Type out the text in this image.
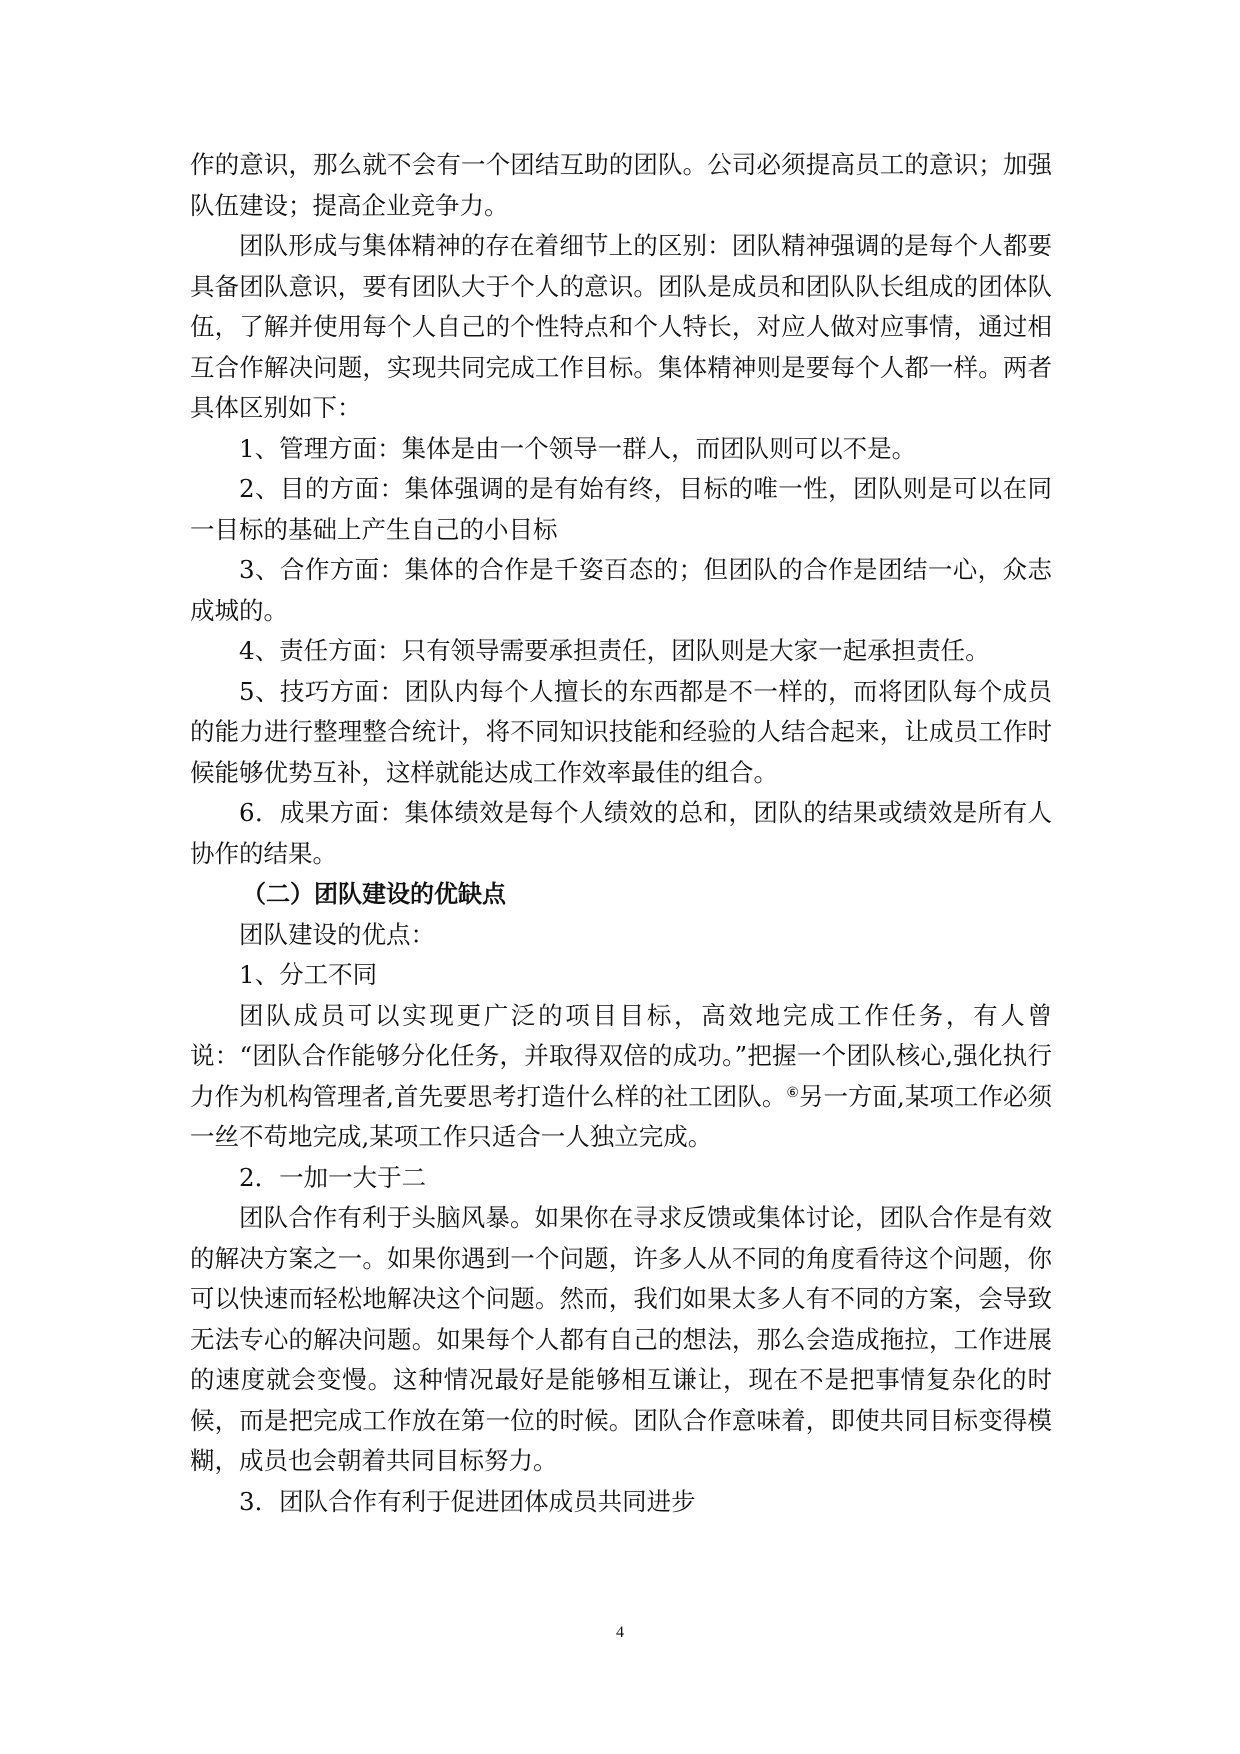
作的意识，那么就不会有一个团结互助的团队。公司必须提高员工的意识；加强队伍建设；提高企业竞争力。

团队形成与集体精神的存在着细节上的区别：团队精神强调的是每个人都要具备团队意识，要有团队大于个人的意识。团队是成员和团队队长组成的团体队伍，了解并使用每个人自己的个性特点和个人特长，对应人做对应事情，通过相互合作解决问题，实现共同完成工作目标。集体精神则是要每个人都一样。两者具体区别如下：

1、管理方面：集体是由一个领导一群人，而团队则可以不是。

2、目的方面：集体强调的是有始有终，目标的唯一性，团队则是可以在同一目标的基础上产生自己的小目标

3、合作方面：集体的合作是千姿百态的；但团队的合作是团结一心，众志成城的。

4、责任方面：只有领导需要承担责任，团队则是大家一起承担责任。

5、技巧方面：团队内每个人擅长的东西都是不一样的，而将团队每个成员的能力进行整理整合统计，将不同知识技能和经验的人结合起来，让成员工作时候能够优势互补，这样就能达成工作效率最佳的组合。

6．成果方面：集体绩效是每个人绩效的总和，团队的结果或绩效是所有人协作的结果。

（二）团队建设的优缺点

团队建设的优点：

1、分工不同

团队成员可以实现更广泛的项目目标，高效地完成工作任务，有人曾说：“团队合作能够分化任务，并取得双倍的成功。”把握一个团队核心,强化执行力作为机构管理者,首先要思考打造什么样的社工团队。⑥另一方面,某项工作必须一丝不苟地完成,某项工作只适合一人独立完成。

2．一加一大于二

团队合作有利于头脑风暴。如果你在寻求反馈或集体讨论，团队合作是有效的解决方案之一。如果你遇到一个问题，许多人从不同的角度看待这个问题，你可以快速而轻松地解决这个问题。然而，我们如果太多人有不同的方案，会导致无法专心的解决问题。如果每个人都有自己的想法，那么会造成拖拉，工作进展的速度就会变慢。这种情况最好是能够相互谦让，现在不是把事情复杂化的时候，而是把完成工作放在第一位的时候。团队合作意味着，即使共同目标变得模糊，成员也会朝着共同目标努力。

3．团队合作有利于促进团体成员共同进步

4
